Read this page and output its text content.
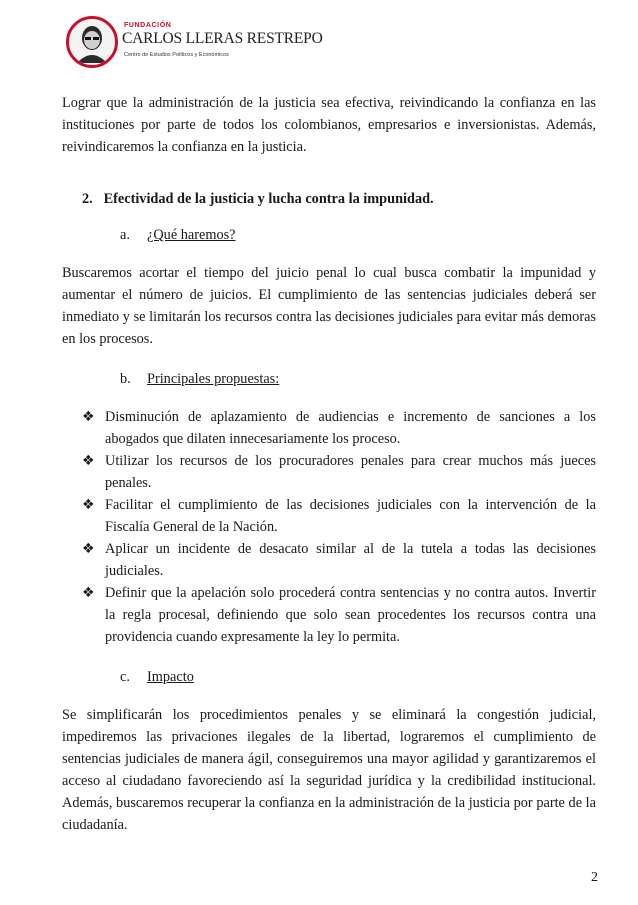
FUNDACIÓN
CARLOS LLERAS RESTREPO
Centro de Estudios Políticos y Económicos

Lograr que la administración de la justicia sea efectiva, reivindicando la confianza en las instituciones por parte de todos los colombianos, empresarios e inversionistas. Además, reivindicaremos la confianza en la justicia.

2. Efectividad de la justicia y lucha contra la impunidad.
a. ¿Qué haremos?

Buscaremos acortar el tiempo del juicio penal lo cual busca combatir la impunidad y aumentar el número de juicios. El cumplimiento de las sentencias judiciales deberá ser inmediato y se limitarán los recursos contra las decisiones judiciales para evitar más demoras en los procesos.

b. Principales propuestas:
❖ Disminución de aplazamiento de audiencias e incremento de sanciones a los abogados que dilaten innecesariamente los proceso.
❖ Utilizar los recursos de los procuradores penales para crear muchos más jueces penales.
❖ Facilitar el cumplimiento de las decisiones judiciales con la intervención de la Fiscalía General de la Nación.
❖ Aplicar un incidente de desacato similar al de la tutela a todas las decisiones judiciales.
❖ Definir que la apelación solo procederá contra sentencias y no contra autos. Invertir la regla procesal, definiendo que solo sean procedentes los recursos contra una providencia cuando expresamente la ley lo permita.
c. Impacto

Se simplificarán los procedimientos penales y se eliminará la congestión judicial, impediremos las privaciones ilegales de la libertad, lograremos el cumplimiento de sentencias judiciales de manera ágil, conseguiremos una mayor agilidad y garantizaremos el acceso al ciudadano favoreciendo así la seguridad jurídica y la credibilidad institucional. Además, buscaremos recuperar la confianza en la administración de la justicia por parte de la ciudadanía.

2
